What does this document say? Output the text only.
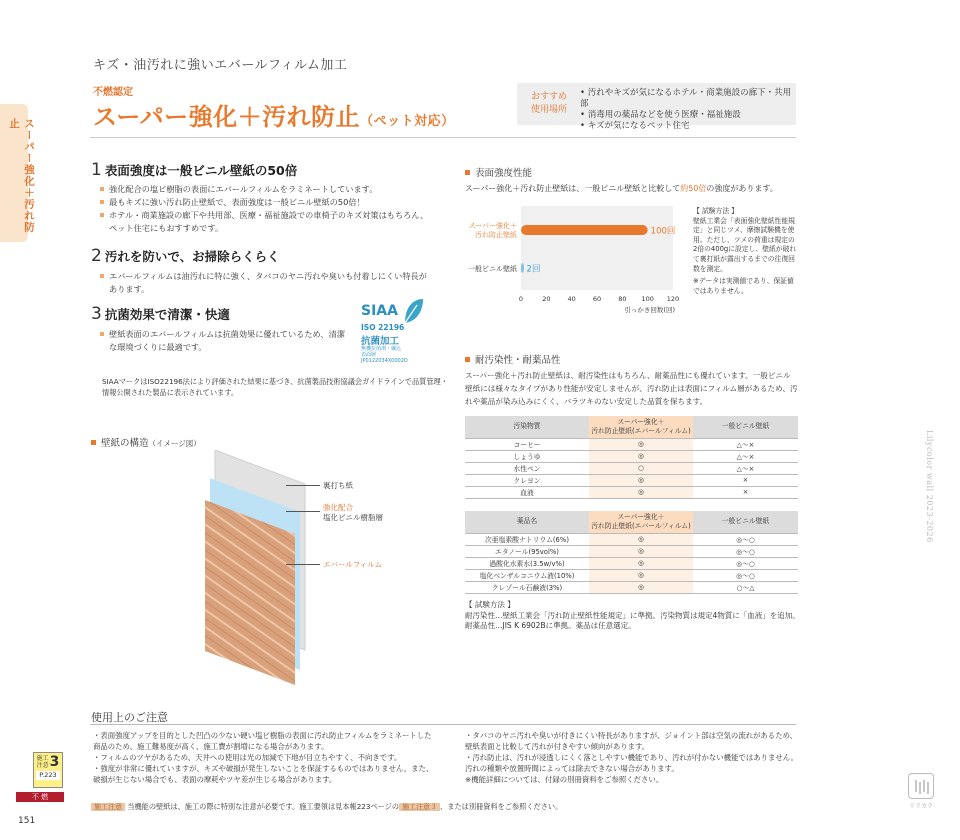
スーパー強化＋汚れ防止
キズ・油汚れに強いエバールフィルム加工
不燃認定
スーパー強化＋汚れ防止（ペット対応）
おすすめ使用場所
• 汚れやキズが気になるホテル・商業施設の廊下・共用部
• 消毒用の薬品などを使う医療・福祉施設
• キズが気になるペット住宅
1 表面強度は一般ビニル壁紙の50倍
強化配合の塩ビ樹脂の表面にエバールフィルムをラミネートしています。
最もキズに強い汚れ防止壁紙で、表面強度は一般ビニル壁紙の50倍！
ホテル・商業施設の廊下や共用部、医療・福祉施設での車椅子のキズ対策はもちろん、ペット住宅にもおすすめです。
2 汚れを防いで、お掃除らくらく
エバールフィルムは油汚れに特に強く、タバコのヤニ汚れや臭いも付着しにくい特長があります。
3 抗菌効果で清潔・快適
壁紙表面のエバールフィルムは抗菌効果に優れているため、清潔な環境づくりに最適です。
SIAA
ISO 22196
抗菌加工
無機抗菌剤・練込
表面層
JP0122034X0002D
SIAAマークはISO22196法により評価された結果に基づき、抗菌製品技術協議会ガイドラインで品質管理・情報公開された製品に表示されています。
壁紙の構造（イメージ図）
裏打ち紙
強化配合
塩化ビニル樹脂層
エバールフィルム
表面強度性能
スーパー強化＋汚れ防止壁紙は、一般ビニル壁紙と比較して約50倍の強度があります。
100回
2回
スーパー強化＋汚れ防止壁紙
一般ビニル壁紙
0	20	40	60	80 100 120
引っかき回数(回)
【 試験方法 】
壁紙工業会「表面強化壁紙性能規定」と同じツメ、摩擦試験機を使用。ただし、ツメの荷重は規定の2倍の400gに設定し、壁紙が破れて裏打紙が露出するまでの往復回数を測定。
※データは実測値であり、保証値ではありません。
耐汚染性・耐薬品性
スーパー強化＋汚れ防止壁紙は、耐汚染性はもちろん、耐薬品性にも優れています。一般ビニル壁紙には様々なタイプがあり性能が安定しませんが、汚れ防止は表面にフィルム層があるため、汚れや薬品が染み込みにくく、バラツキのない安定した品質を保ちます。
汚染物質	スーパー強化＋
汚れ防止壁紙(エバールフィルム)	一般ビニル壁紙
コーヒー	◎	△〜×
しょうゆ	◎	△〜×
水性ペン	○	△〜×
クレヨン	◎	×
血液	◎	×
薬品名	スーパー強化＋
汚れ防止壁紙(エバールフィルム)	一般ビニル壁紙
次亜塩素酸ナトリウム(6%)	◎	◎〜○
エタノール(95vol%)	◎	◎〜○
過酸化水素水(3.5w/v%)	◎	◎〜○
塩化ベンザルコニウム液(10%)	◎	◎〜○
クレゾール石鹸液(3%)	◎	○〜△
【 試験方法 】
耐汚染性…壁紙工業会「汚れ防止壁紙性能規定」に準拠。汚染物質は規定4物質に「血液」を追加。
耐薬品性…JIS K 6902Bに準拠。薬品は任意選定。
使用上のご注意
・表面強度アップを目的とした凹凸の少ない硬い塩ビ樹脂の表面に汚れ防止フィルムをラミネートした商品のため、施工難易度が高く、施工費が割増になる場合があります。
・フィルムのツヤがあるため、天井への使用は光の加減で下地が目立ちやすく、不向きです。
・強度が非常に優れていますが、キズや破損が発生しないことを保証するものではありません。また、破損が生じない場合でも、表面の摩耗やツヤ差が生じる場合があります。
・タバコのヤニ汚れや臭いが付きにくい特長がありますが、ジョイント部は空気の流れがあるため、壁紙表面と比較して汚れが付きやすい傾向があります。
・汚れ防止は、汚れが浸透しにくく落としやすい機能であり、汚れが付かない機能ではありません。汚れの種類や放置時間によっては除去できない場合があります。
※機能詳細については、付録の別冊資料をご参照ください。
施工注意 当機能の壁紙は、施工の際に特別な注意が必要です。施工要領は見本帳223ページの 施工注意３ 、または別冊資料をご参照ください。
施工
注意 3
P.223
不 燃
151
Lilycolor wall 2023-2026
リリカラ
